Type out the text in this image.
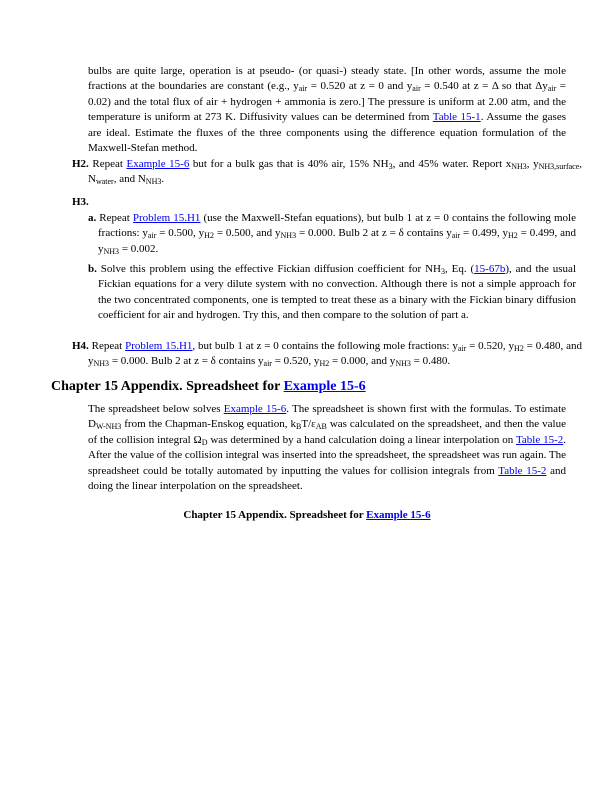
bulbs are quite large, operation is at pseudo- (or quasi-) steady state. [In other words, assume the mole fractions at the boundaries are constant (e.g., $y_{air} = 0.520$ at z = 0 and $y_{air} = 0.540$ at z = Δ so that $\Delta y_{air} = 0.02$) and the total flux of air + hydrogen + ammonia is zero.] The pressure is uniform at 2.00 atm, and the temperature is uniform at 273 K. Diffusivity values can be determined from Table 15-1. Assume the gases are ideal. Estimate the fluxes of the three components using the difference equation formulation of the Maxwell-Stefan method.

H2. Repeat Example 15-6 but for a bulk gas that is 40% air, 15% $NH_3$, and 45% water. Report $x_{NH3}$, $y_{NH3,surface}$, $N_{water}$, and $N_{NH3}$.

H3.

a. Repeat Problem 15.H1 (use the Maxwell-Stefan equations), but bulb 1 at z = 0 contains the following mole fractions: $y_{air} = 0.500$, $y_{H2} = 0.500$, and $y_{NH3} = 0.000$. Bulb 2 at z = δ contains $y_{air} = 0.499$, $y_{H2} = 0.499$, and $y_{NH3} = 0.002$.

b. Solve this problem using the effective Fickian diffusion coefficient for $NH_3$, Eq. (15-67b), and the usual Fickian equations for a very dilute system with no convection. Although there is not a simple approach for the two concentrated components, one is tempted to treat these as a binary with the Fickian binary diffusion coefficient for air and hydrogen. Try this, and then compare to the solution of part a.

H4. Repeat Problem 15.H1, but bulb 1 at z = 0 contains the following mole fractions: $y_{air} = 0.520$, $y_{H2} = 0.480$, and $y_{NH3} = 0.000$. Bulb 2 at z = δ contains $y_{air} = 0.520$, $y_{H2} = 0.000$, and $y_{NH3} = 0.480$.

Chapter 15 Appendix. Spreadsheet for Example 15-6

The spreadsheet below solves Example 15-6. The spreadsheet is shown first with the formulas. To estimate $D_{W-NH3}$ from the Chapman-Enskog equation, $k_BT/\varepsilon_{AB}$ was calculated on the spreadsheet, and then the value of the collision integral $\Omega_D$ was determined by a hand calculation doing a linear interpolation on Table 15-2. After the value of the collision integral was inserted into the spreadsheet, the spreadsheet was run again. The spreadsheet could be totally automated by inputting the values for collision integrals from Table 15-2 and doing the linear interpolation on the spreadsheet.

Chapter 15 Appendix. Spreadsheet for Example 15-6
